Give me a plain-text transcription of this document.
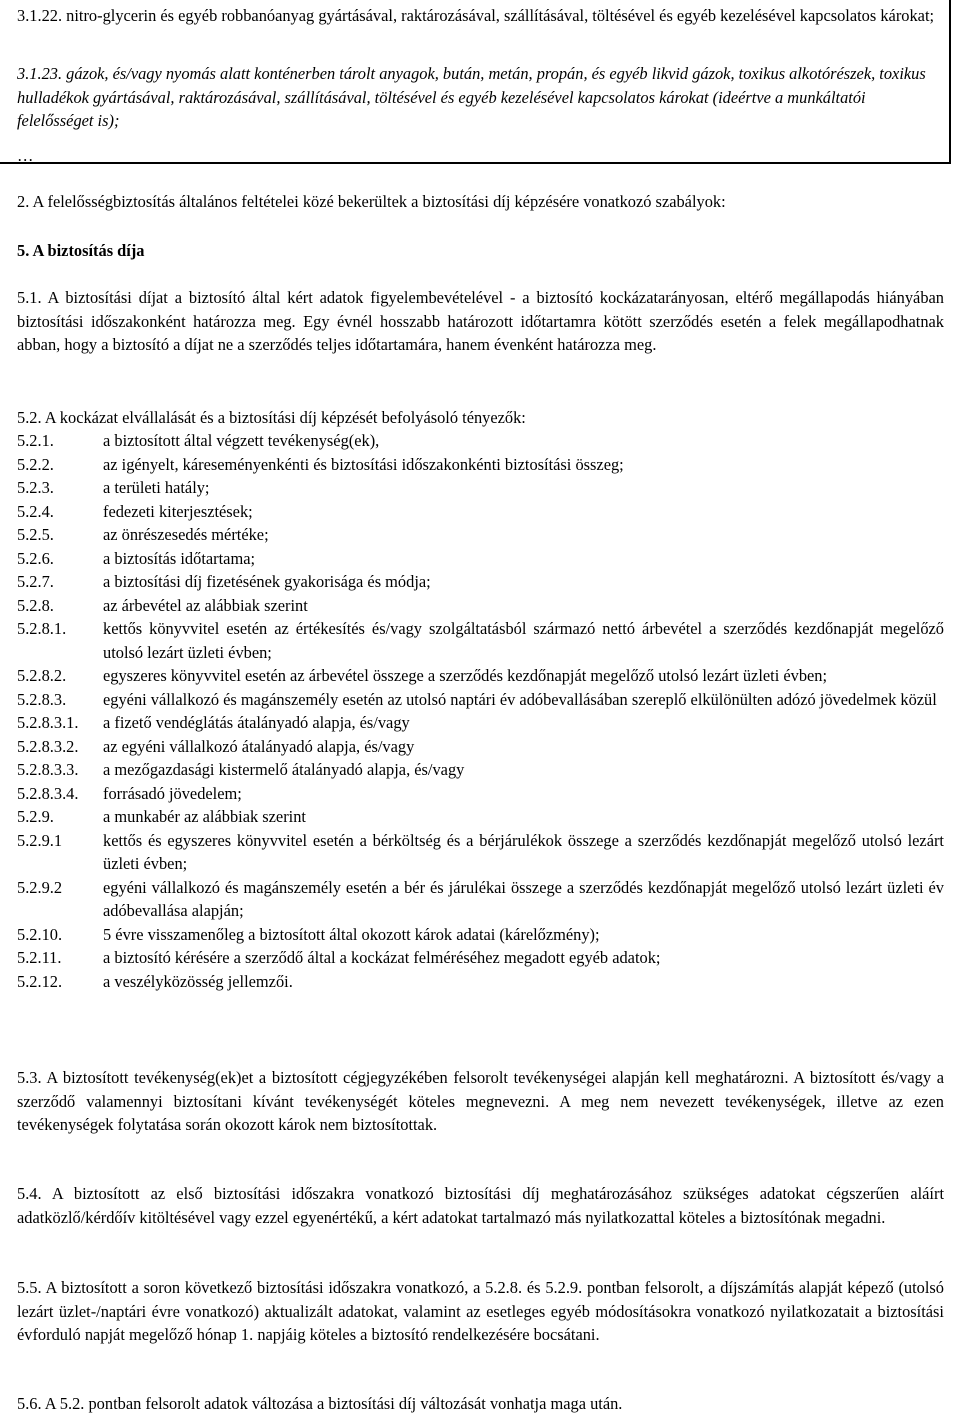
3.1.22. nitro-glycerin és egyéb robbanóanyag gyártásával, raktározásával, szállításával, töltésével és egyéb kezelésével kapcsolatos károkat;
3.1.23. gázok, és/vagy nyomás alatt konténerben tárolt anyagok, bután, metán, propán, és egyéb likvid gázok, toxikus alkotórészek, toxikus hulladékok gyártásával, raktározásával, szállításával, töltésével és egyéb kezelésével kapcsolatos károkat (ideértve a munkáltatói felelősséget is);
…
2. A felelősségbiztosítás általános feltételei közé bekerültek a biztosítási díj képzésére vonatkozó szabályok:
5. A biztosítás díja
5.1. A biztosítási díjat a biztosító által kért adatok figyelembevételével - a biztosító kockázatarányosan, eltérő megállapodás hiányában biztosítási időszakonként határozza meg. Egy évnél hosszabb határozott időtartamra kötött szerződés esetén a felek megállapodhatnak abban, hogy a biztosító a díjat ne a szerződés teljes időtartamára, hanem évenként határozza meg.
5.2. A kockázat elvállalását és a biztosítási díj képzését befolyásoló tényezők:
5.2.1.	a biztosított által végzett tevékenység(ek),
5.2.2.	az igényelt, káreseményenkénti és biztosítási időszakonkénti biztosítási összeg;
5.2.3.	a területi hatály;
5.2.4.	fedezeti kiterjesztések;
5.2.5.	az önrészesedés mértéke;
5.2.6.	a biztosítás időtartama;
5.2.7.	a biztosítási díj fizetésének gyakorisága és módja;
5.2.8.	az árbevétel az alábbiak szerint
5.2.8.1.	kettős könyvvitel esetén az értékesítés és/vagy szolgáltatásból származó nettó árbevétel a szerződés kezdőnapját megelőző utolsó lezárt üzleti évben;
5.2.8.2.	egyszeres könyvvitel esetén az árbevétel összege a szerződés kezdőnapját megelőző utolsó lezárt üzleti évben;
5.2.8.3.	egyéni vállalkozó és magánszemély esetén az utolsó naptári év adóbevallásában szereplő elkülönülten adózó jövedelmek közül
5.2.8.3.1.	a fizető vendéglátás átalányadó alapja, és/vagy
5.2.8.3.2.	az egyéni vállalkozó átalányadó alapja, és/vagy
5.2.8.3.3.	a mezőgazdasági kistermelő átalányadó alapja, és/vagy
5.2.8.3.4.	forrásadó jövedelem;
5.2.9.	a munkabér az alábbiak szerint
5.2.9.1	kettős és egyszeres könyvvitel esetén a bérköltség és a bérjárulékok összege a szerződés kezdőnapját megelőző utolsó lezárt üzleti évben;
5.2.9.2	egyéni vállalkozó és magánszemély esetén a bér és járulékai összege a szerződés kezdőnapját megelőző utolsó lezárt üzleti év adóbevallása alapján;
5.2.10.	5 évre visszamenőleg a biztosított által okozott károk adatai (kárelőzmény);
5.2.11.	a biztosító kérésére a szerződő által a kockázat felméréséhez megadott egyéb adatok;
5.2.12.	a veszélyközösség jellemzői.
5.3. A biztosított tevékenység(ek)et a biztosított cégjegyzékében felsorolt tevékenységei alapján kell meghatározni. A biztosított és/vagy a szerződő valamennyi biztosítani kívánt tevékenységét köteles megnevezni. A meg nem nevezett tevékenységek, illetve az ezen tevékenységek folytatása során okozott károk nem biztosítottak.
5.4. A biztosított az első biztosítási időszakra vonatkozó biztosítási díj meghatározásához szükséges adatokat cégszerűen aláírt adatközlő/kérdőív kitöltésével vagy ezzel egyenértékű, a kért adatokat tartalmazó más nyilatkozattal köteles a biztosítónak megadni.
5.5. A biztosított a soron következő biztosítási időszakra vonatkozó, a 5.2.8. és 5.2.9. pontban felsorolt, a díjszámítás alapját képező (utolsó lezárt üzlet-/naptári évre vonatkozó) aktualizált adatokat, valamint az esetleges egyéb módosításokra vonatkozó nyilatkozatait a biztosítási évforduló napját megelőző hónap 1. napjáig köteles a biztosító rendelkezésére bocsátani.
5.6. A 5.2. pontban felsorolt adatok változása a biztosítási díj változását vonhatja maga után.
